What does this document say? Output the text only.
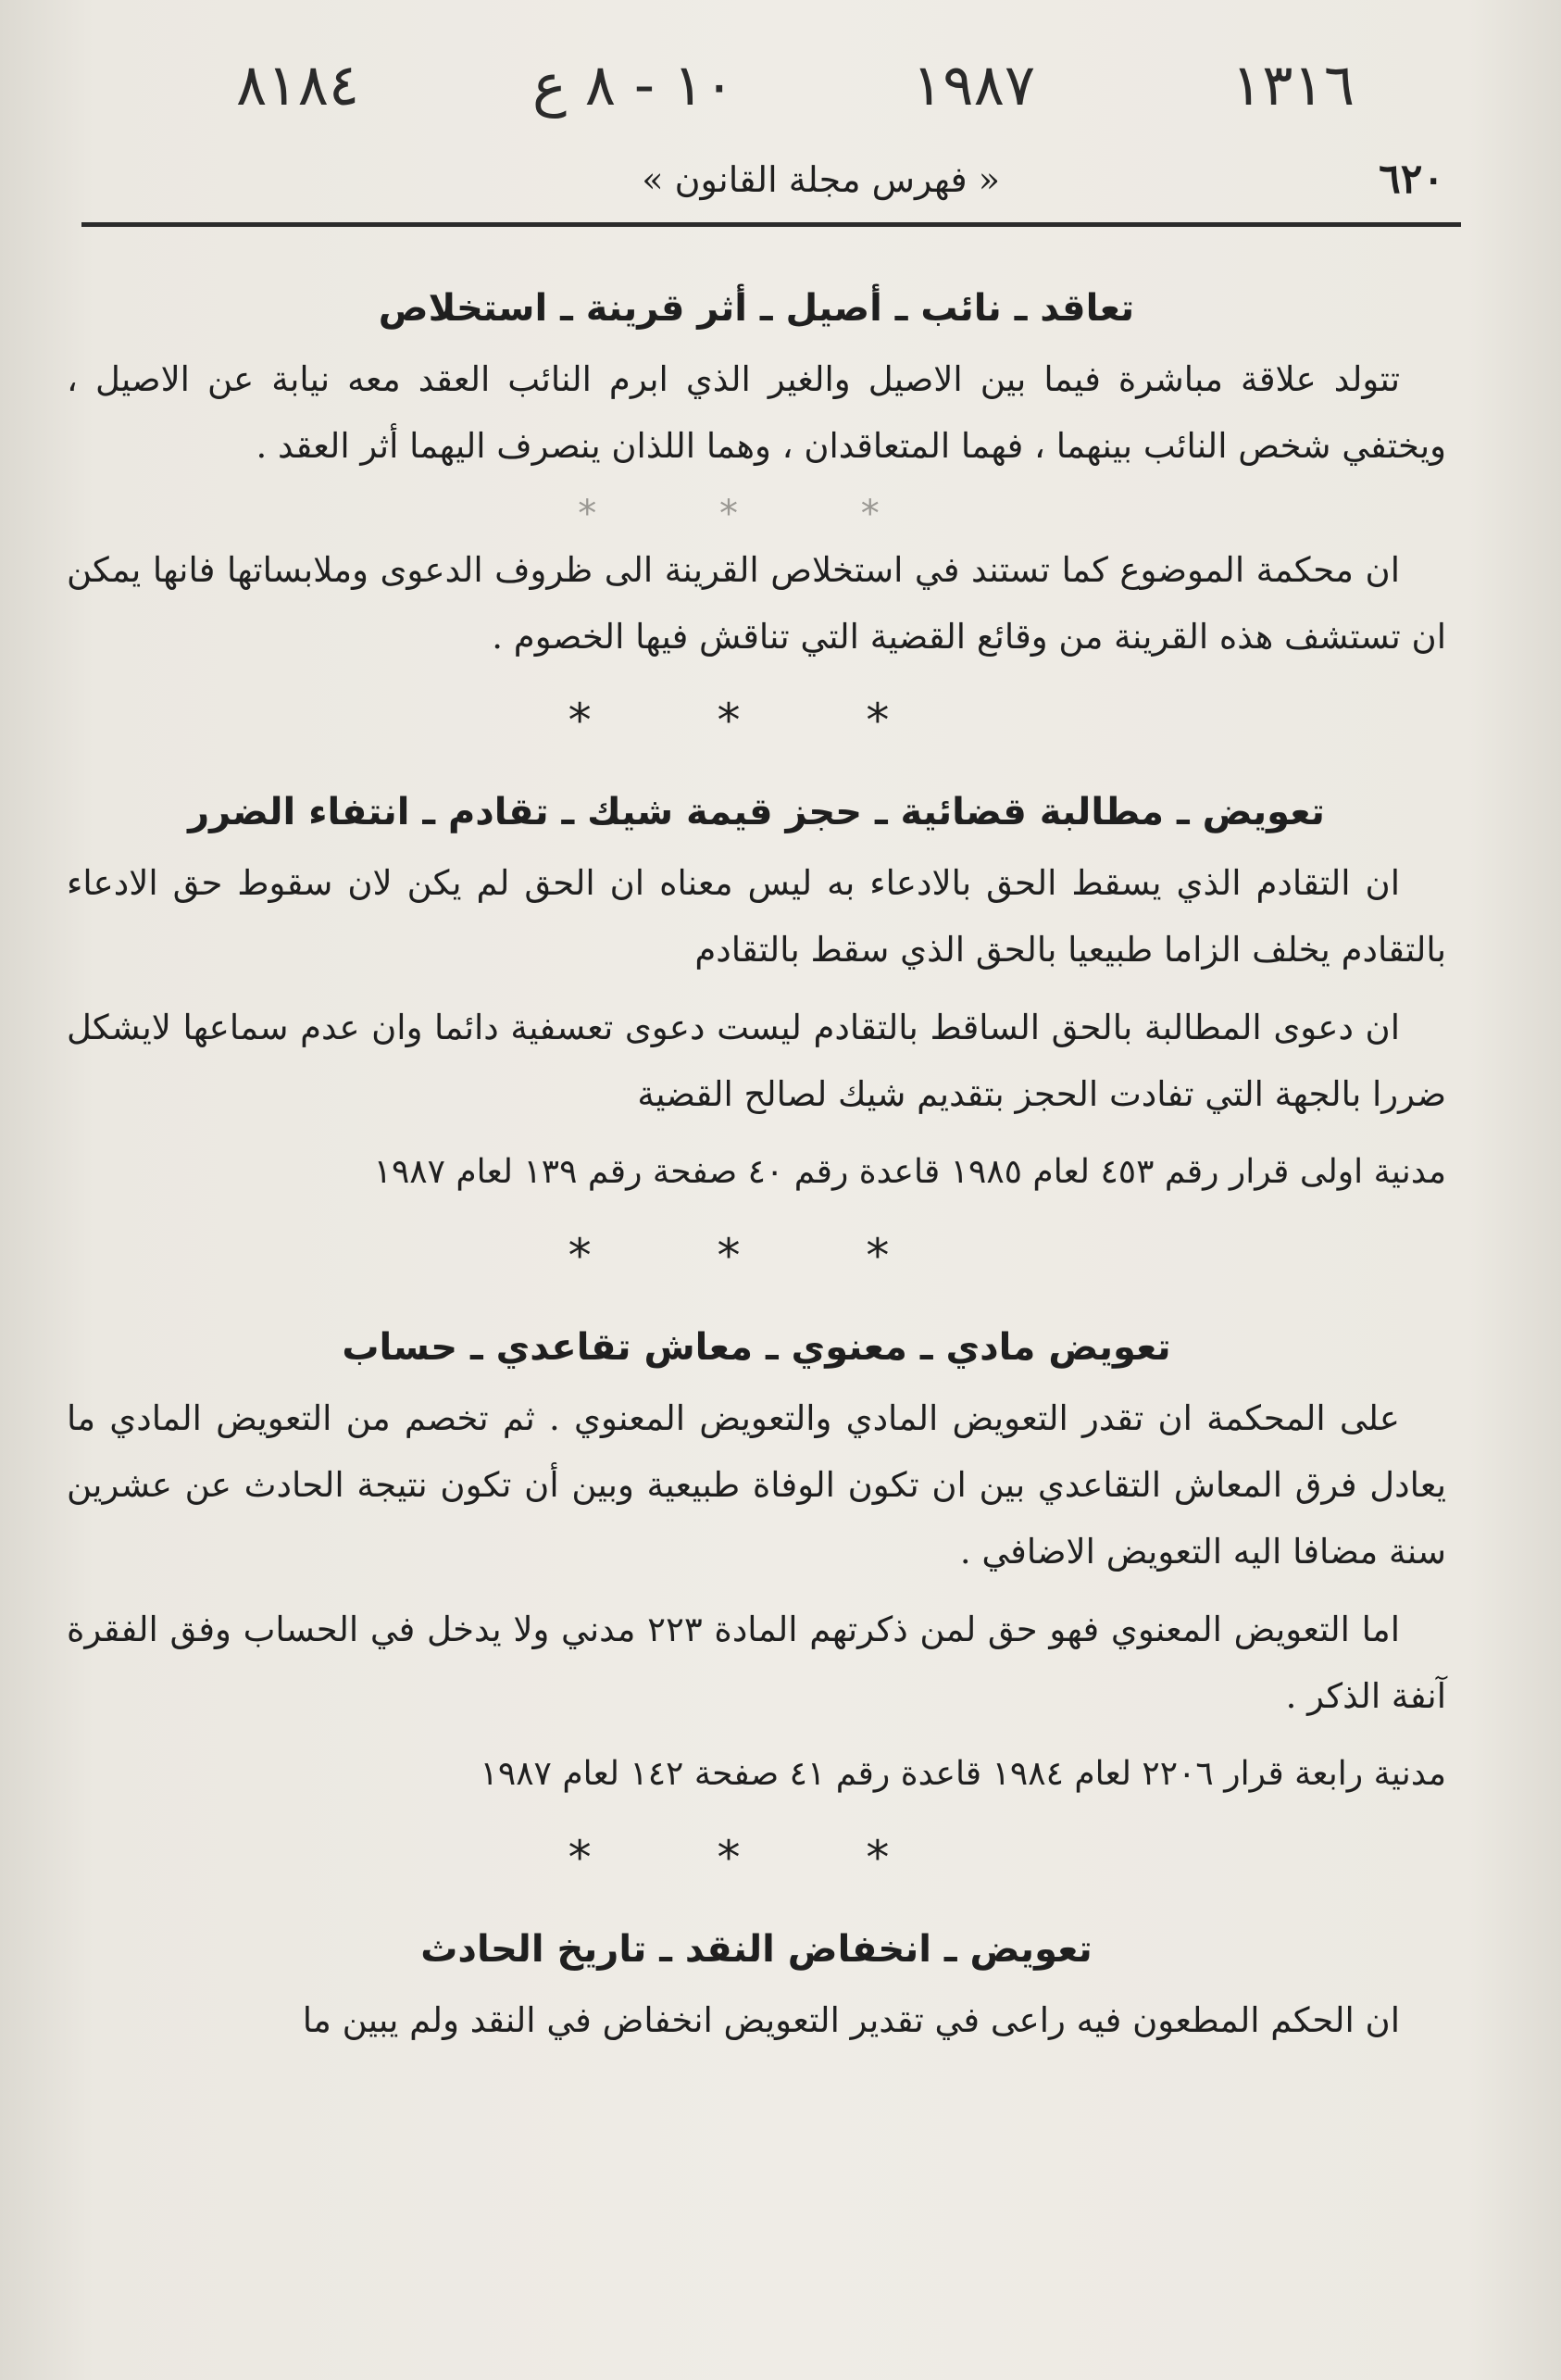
٨١٨٤	١٠ - ٨ ع	١٩٨٧	١٣١٦
٦٢٠
« فهرس مجلة القانون »
تعاقد ـ نائب ـ أصيل ـ أثر قرينة ـ استخلاص

تتولد علاقة مباشرة فيما بين الاصيل والغير الذي ابرم النائب العقد معه نيابة عن الاصيل ، ويختفي شخص النائب بينهما ، فهما المتعاقدان ، وهما اللذان ينصرف اليهما أثر العقد .

* * *

ان محكمة الموضوع كما تستند في استخلاص القرينة الى ظروف الدعوى وملابساتها فانها يمكن ان تستشف هذه القرينة من وقائع القضية التي تناقش فيها الخصوم .

* * *
تعويض ـ مطالبة قضائية ـ حجز قيمة شيك ـ تقادم ـ انتفاء الضرر

ان التقادم الذي يسقط الحق بالادعاء به ليس معناه ان الحق لم يكن لان سقوط حق الادعاء بالتقادم يخلف الزاما طبيعيا بالحق الذي سقط بالتقادم

ان دعوى المطالبة بالحق الساقط بالتقادم ليست دعوى تعسفية دائما وان عدم سماعها لايشكل ضررا بالجهة التي تفادت الحجز بتقديم شيك لصالح القضية

مدنية اولى قرار رقم ٤٥٣ لعام ١٩٨٥ قاعدة رقم ٤٠ صفحة رقم ١٣٩ لعام ١٩٨٧
* * *
تعويض مادي ـ معنوي ـ معاش تقاعدي ـ حساب

على المحكمة ان تقدر التعويض المادي والتعويض المعنوي . ثم تخصم من التعويض المادي ما يعادل فرق المعاش التقاعدي بين ان تكون الوفاة طبيعية وبين أن تكون نتيجة الحادث عن عشرين سنة مضافا اليه التعويض الاضافي .

اما التعويض المعنوي فهو حق لمن ذكرتهم المادة ٢٢٣ مدني ولا يدخل في الحساب وفق الفقرة آنفة الذكر .

مدنية رابعة قرار ٢٢٠٦ لعام ١٩٨٤ قاعدة رقم ٤١ صفحة ١٤٢ لعام ١٩٨٧
* * *
تعويض ـ انخفاض النقد ـ تاريخ الحادث

ان الحكم المطعون فيه راعى في تقدير التعويض انخفاض في النقد ولم يبين ما
